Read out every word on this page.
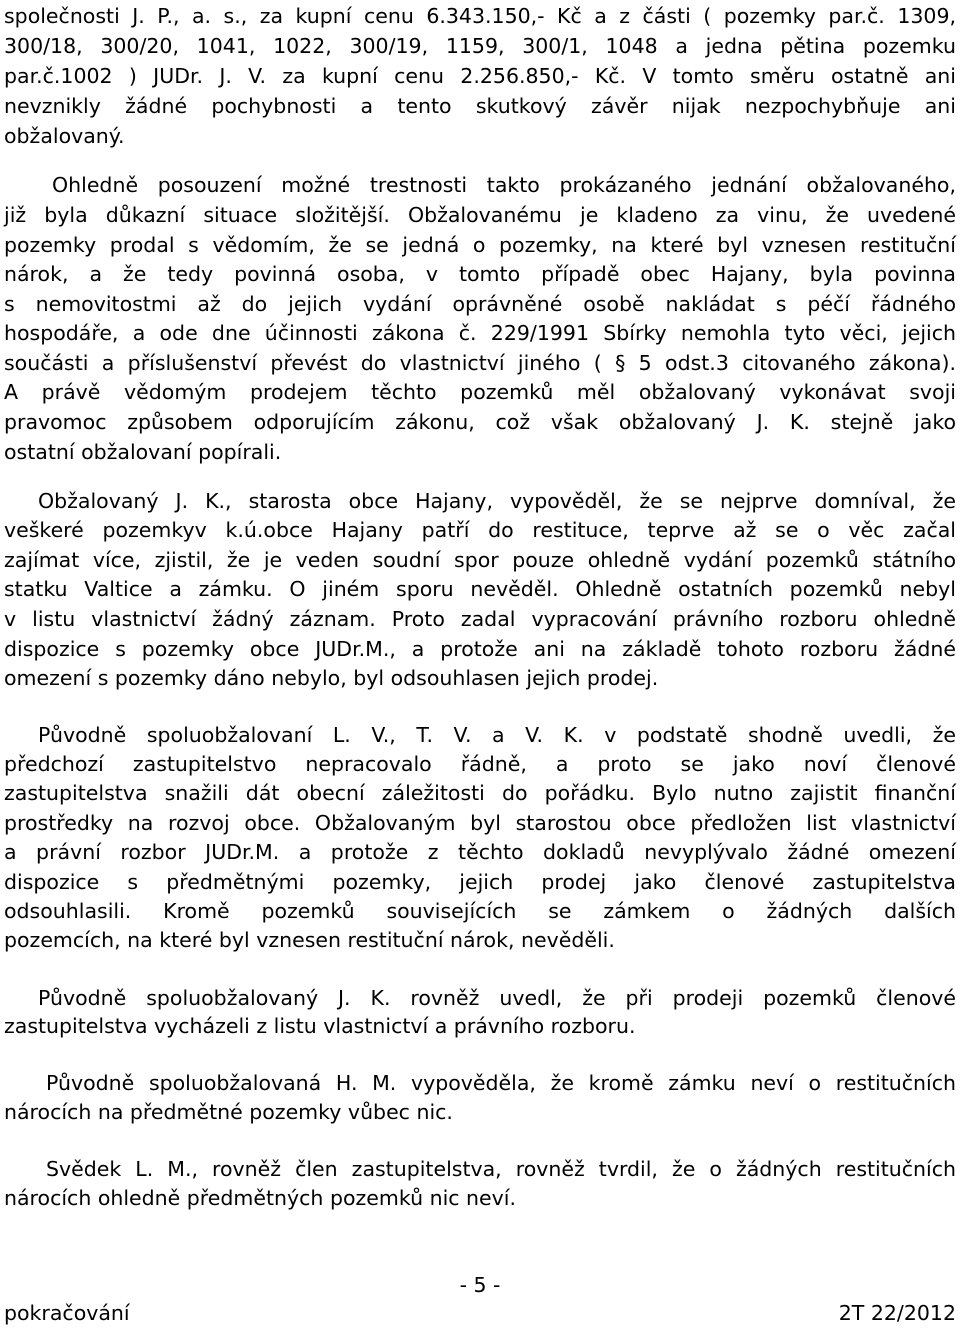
společnosti J. P., a. s., za kupní cenu 6.343.150,- Kč a z části ( pozemky par.č. 1309,
300/18, 300/20, 1041, 1022, 300/19, 1159, 300/1, 1048 a jedna pětina pozemku
par.č.1002 ) JUDr. J. V. za kupní cenu 2.256.850,- Kč. V tomto směru ostatně ani
nevznikly žádné pochybnosti a tento skutkový závěr nijak nezpochybňuje ani
obžalovaný.
Ohledně posouzení možné trestnosti takto prokázaného jednání obžalovaného,
již byla důkazní situace složitější. Obžalovanému je kladeno za vinu, že uvedené
pozemky prodal s vědomím, že se jedná o pozemky, na které byl vznesen restituční
nárok, a že tedy povinná osoba, v tomto případě obec Hajany, byla povinna
s nemovitostmi až do jejich vydání oprávněné osobě nakládat s péčí řádného
hospodáře, a ode dne účinnosti zákona č. 229/1991 Sbírky nemohla tyto věci, jejich
součásti a příslušenství převést do vlastnictví jiného ( § 5 odst.3 citovaného zákona).
A právě vědomým prodejem těchto pozemků měl obžalovaný vykonávat svoji
pravomoc způsobem odporujícím zákonu, což však obžalovaný J. K. stejně jako
ostatní obžalovaní popírali.
Obžalovaný J. K., starosta obce Hajany, vypověděl, že se nejprve domníval, že
veškeré pozemkyv k.ú.obce Hajany patří do restituce, teprve až se o věc začal
zajímat více, zjistil, že je veden soudní spor pouze ohledně vydání pozemků státního
statku Valtice a zámku. O jiném sporu nevěděl. Ohledně ostatních pozemků nebyl
v listu vlastnictví žádný záznam. Proto zadal vypracování právního rozboru ohledně
dispozice s pozemky obce JUDr.M., a protože ani na základě tohoto rozboru žádné
omezení s pozemky dáno nebylo, byl odsouhlasen jejich prodej.
Původně spoluobžalovaní L. V., T. V. a V. K. v podstatě shodně uvedli, že
předchozí zastupitelstvo nepracovalo řádně, a proto se jako noví členové
zastupitelstva snažili dát obecní záležitosti do pořádku. Bylo nutno zajistit finanční
prostředky na rozvoj obce. Obžalovaným byl starostou obce předložen list vlastnictví
a právní rozbor JUDr.M. a protože z těchto dokladů nevyplývalo žádné omezení
dispozice s předmětnými pozemky, jejich prodej jako členové zastupitelstva
odsouhlasili. Kromě pozemků souvisejících se zámkem o žádných dalších
pozemcích, na které byl vznesen restituční nárok, nevěděli.
Původně spoluobžalovaný J. K. rovněž uvedl, že při prodeji pozemků členové
zastupitelstva vycházeli z listu vlastnictví a právního rozboru.
Původně spoluobžalovaná H. M. vypověděla, že kromě zámku neví o restitučních
nárocích na předmětné pozemky vůbec nic.
Svědek L. M., rovněž člen zastupitelstva, rovněž tvrdil, že o žádných restitučních
nárocích ohledně předmětných pozemků nic neví.
- 5 -
pokračování	2T 22/2012
